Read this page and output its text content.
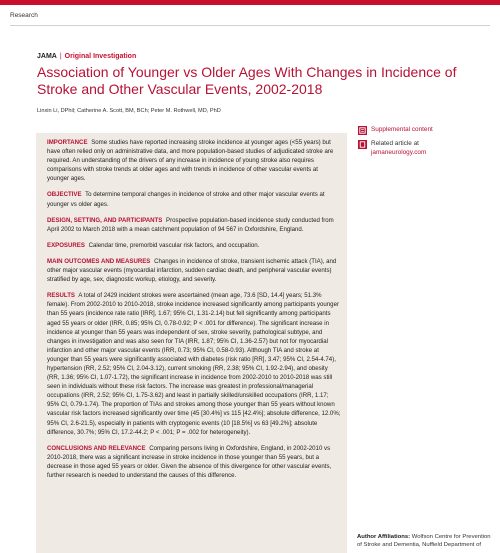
Research
JAMA | Original Investigation
Association of Younger vs Older Ages With Changes in Incidence of Stroke and Other Vascular Events, 2002-2018
Linxin Li, DPhil; Catherine A. Scott, BM, BCh; Peter M. Rothwell, MD, PhD

IMPORTANCE Some studies have reported increasing stroke incidence at younger ages (<55 years) but have often relied only on administrative data, and more population-based studies of adjudicated stroke are required. An understanding of the drivers of any increase in incidence of young stroke also requires comparisons with stroke trends at older ages and with trends in incidence of other vascular events at younger ages.

OBJECTIVE To determine temporal changes in incidence of stroke and other major vascular events at younger vs older ages.

DESIGN, SETTING, AND PARTICIPANTS Prospective population-based incidence study conducted from April 2002 to March 2018 with a mean catchment population of 94 567 in Oxfordshire, England.

EXPOSURES Calendar time, premorbid vascular risk factors, and occupation.

MAIN OUTCOMES AND MEASURES Changes in incidence of stroke, transient ischemic attack (TIA), and other major vascular events (myocardial infarction, sudden cardiac death, and peripheral vascular events) stratified by age, sex, diagnostic workup, etiology, and severity.

RESULTS A total of 2429 incident strokes were ascertained (mean age, 73.6 [SD, 14.4] years; 51.3% female). From 2002-2010 to 2010-2018, stroke incidence increased significantly among participants younger than 55 years (incidence rate ratio [IRR], 1.67; 95% CI, 1.31-2.14) but fell significantly among participants aged 55 years or older (IRR, 0.85; 95% CI, 0.78-0.92; P < .001 for difference). The significant increase in incidence at younger than 55 years was independent of sex, stroke severity, pathological subtype, and changes in investigation and was also seen for TIA (IRR, 1.87; 95% CI, 1.36-2.57) but not for myocardial infarction and other major vascular events (IRR, 0.73; 95% CI, 0.58-0.93). Although TIA and stroke at younger than 55 years were significantly associated with diabetes (risk ratio [RR], 3.47; 95% CI, 2.54-4.74), hypertension (RR, 2.52; 95% CI, 2.04-3.12), current smoking (RR, 2.38; 95% CI, 1.92-2.94), and obesity (RR, 1.36; 95% CI, 1.07-1.72), the significant increase in incidence from 2002-2010 to 2010-2018 was still seen in individuals without these risk factors. The increase was greatest in professional/managerial occupations (IRR, 2.52; 95% CI, 1.75-3.62) and least in partially skilled/unskilled occupations (IRR, 1.17; 95% CI, 0.79-1.74). The proportion of TIAs and strokes among those younger than 55 years without known vascular risk factors increased significantly over time (45 [30.4%] vs 115 [42.4%]; absolute difference, 12.0%; 95% CI, 2.6-21.5), especially in patients with cryptogenic events (10 [18.5%] vs 63 [49.2%]; absolute difference, 30.7%; 95% CI, 17.2-44.2; P < .001; P = .002 for heterogeneity).

CONCLUSIONS AND RELEVANCE Comparing persons living in Oxfordshire, England, in 2002-2010 vs 2010-2018, there was a significant increase in stroke incidence in those younger than 55 years, but a decrease in those aged 55 years or older. Given the absence of this divergence for other vascular events, further research is needed to understand the causes of this difference.

Supplemental content
Related article at
jamaneurology.com
Author Affiliations: Wolfson Centre for Prevention of Stroke and Dementia, Nuffield Department of
